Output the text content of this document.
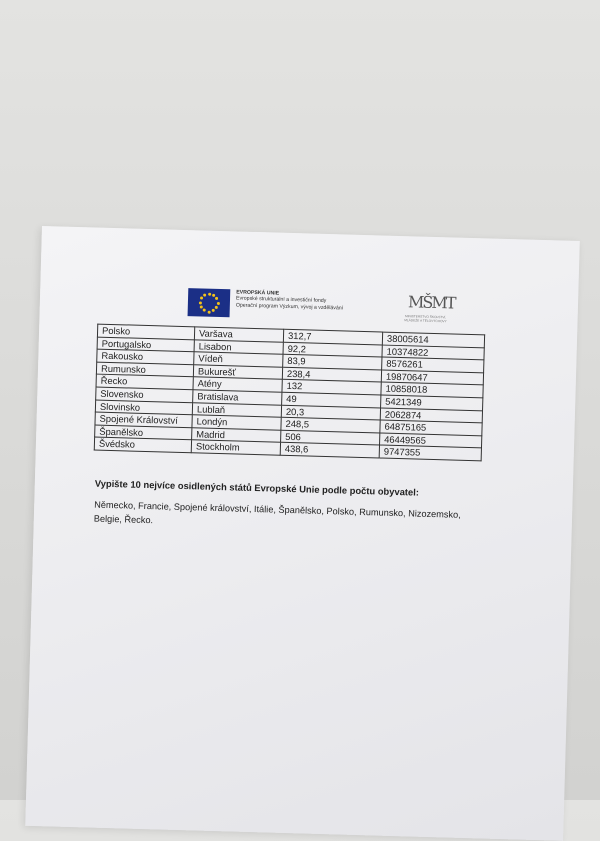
EVROPSKÁ UNIE
Evropské strukturální a investiční fondy
Operační program Výzkum, vývoj a vzdělávání	MŠMT
MINISTERSTVO ŠKOLSTVÍ, MLÁDEŽE A TĚLOVÝCHOVY
Polsko	Varšava	312,7	38005614
Portugalsko	Lisabon	92,2	10374822
Rakousko	Vídeň	83,9	8576261
Rumunsko	Bukurešť	238,4	19870647
Řecko	Atény	132	10858018
Slovensko	Bratislava	49	5421349
Slovinsko	Lublaň	20,3	2062874
Spojené Království	Londýn	248,5	64875165
Španělsko	Madrid	506	46449565
Švédsko	Stockholm	438,6	9747355
Vypište 10 nejvíce osidlených států Evropské Unie podle počtu obyvatel:
Německo, Francie, Spojené království, Itálie, Španělsko, Polsko, Rumunsko, Nizozemsko, Belgie, Řecko.
